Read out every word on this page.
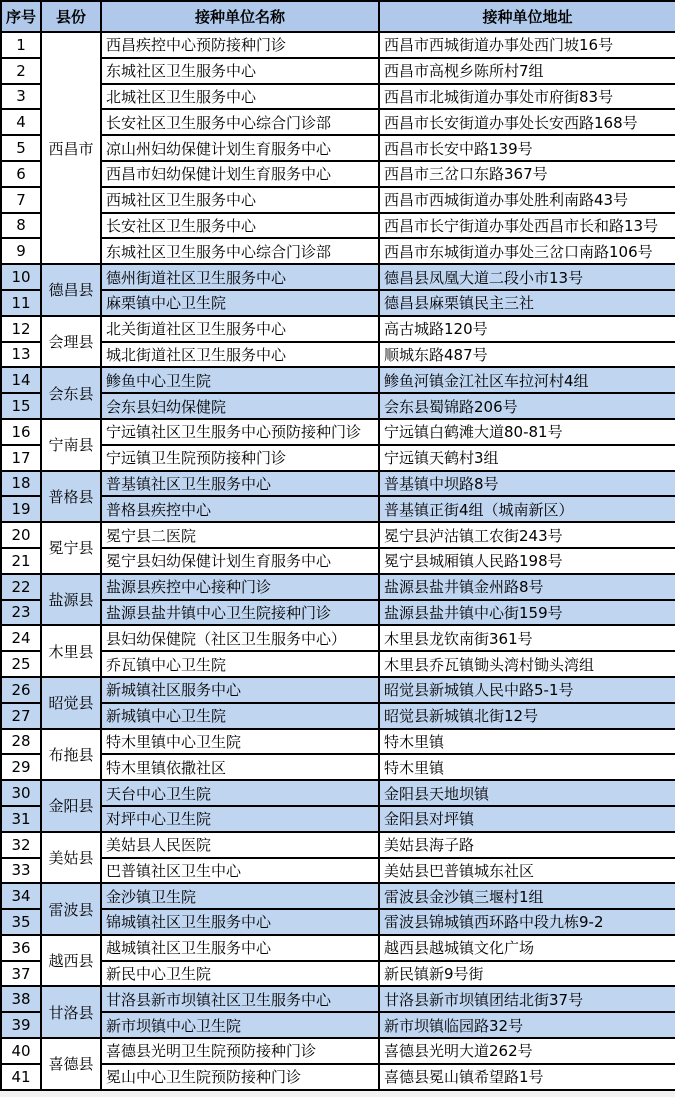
序号	县份	接种单位名称	接种单位地址
1	西昌市	西昌疾控中心预防接种门诊	西昌市西城街道办事处西门坡16号
2		东城社区卫生服务中心	西昌市高枧乡陈所村7组
3		北城社区卫生服务中心	西昌市北城街道办事处市府街83号
4		长安社区卫生服务中心综合门诊部	西昌市长安街道办事处长安西路168号
5		凉山州妇幼保健计划生育服务中心	西昌市长安中路139号
6		西昌市妇幼保健计划生育服务中心	西昌市三岔口东路367号
7		西城社区卫生服务中心	西昌市西城街道办事处胜利南路43号
8		长安社区卫生服务中心	西昌市长宁街道办事处西昌市长和路13号
9		东城社区卫生服务中心综合门诊部	西昌市东城街道办事处三岔口南路106号
10	德昌县	德州街道社区卫生服务中心	德昌县凤凰大道二段小市13号
11		麻栗镇中心卫生院	德昌县麻栗镇民主三社
12	会理县	北关街道社区卫生服务中心	高古城路120号
13		城北街道社区卫生服务中心	顺城东路487号
14	会东县	鲹鱼中心卫生院	鲹鱼河镇金江社区车拉河村4组
15		会东县妇幼保健院	会东县蜀锦路206号
16	宁南县	宁远镇社区卫生服务中心预防接种门诊	宁远镇白鹤滩大道80-81号
17		宁远镇卫生院预防接种门诊	宁远镇天鹤村3组
18	普格县	普基镇社区卫生服务中心	普基镇中坝路8号
19		普格县疾控中心	普基镇正街4组（城南新区）
20	冕宁县	冕宁县二医院	冕宁县泸沽镇工农街243号
21		冕宁县妇幼保健计划生育服务中心	冕宁县城厢镇人民路198号
22	盐源县	盐源县疾控中心接种门诊	盐源县盐井镇金州路8号
23		盐源县盐井镇中心卫生院接种门诊	盐源县盐井镇中心街159号
24	木里县	县妇幼保健院（社区卫生服务中心）	木里县龙钦南街361号
25		乔瓦镇中心卫生院	木里县乔瓦镇锄头湾村锄头湾组
26	昭觉县	新城镇社区服务中心	昭觉县新城镇人民中路5-1号
27		新城镇中心卫生院	昭觉县新城镇北街12号
28	布拖县	特木里镇中心卫生院	特木里镇
29		特木里镇依撒社区	特木里镇
30	金阳县	天台中心卫生院	金阳县天地坝镇
31		对坪中心卫生院	金阳县对坪镇
32	美姑县	美姑县人民医院	美姑县海子路
33		巴普镇社区卫生中心	美姑县巴普镇城东社区
34	雷波县	金沙镇卫生院	雷波县金沙镇三堰村1组
35		锦城镇社区卫生服务中心	雷波县锦城镇西环路中段九栋9-2
36	越西县	越城镇社区卫生服务中心	越西县越城镇文化广场
37		新民中心卫生院	新民镇新9号街
38	甘洛县	甘洛县新市坝镇社区卫生服务中心	甘洛县新市坝镇团结北街37号
39		新市坝镇中心卫生院	新市坝镇临园路32号
40	喜德县	喜德县光明卫生院预防接种门诊	喜德县光明大道262号
41		冕山中心卫生院预防接种门诊	喜德县冕山镇希望路1号
